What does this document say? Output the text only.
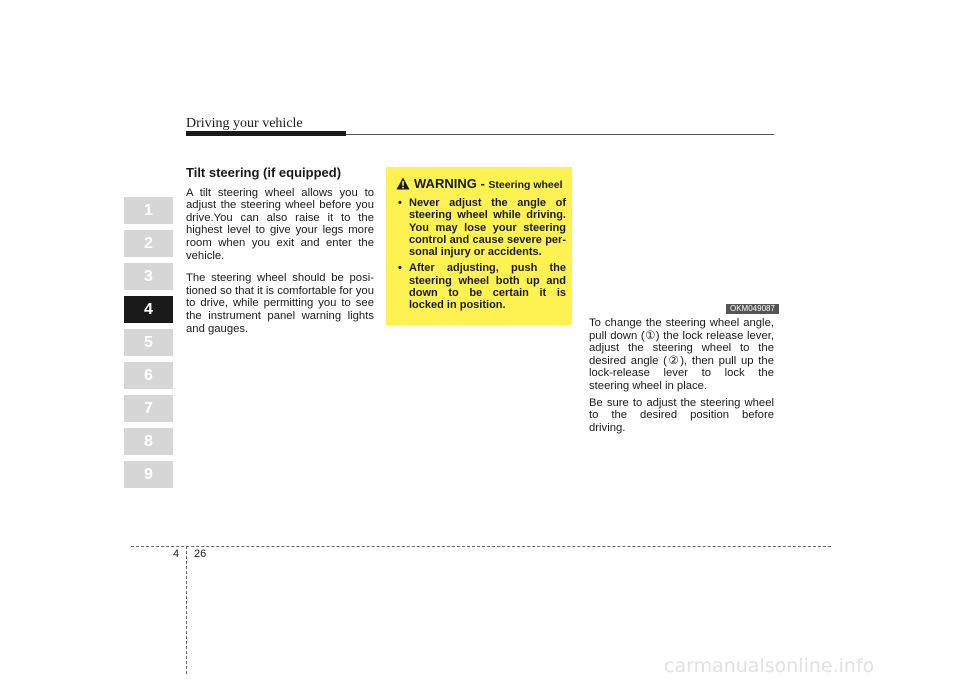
Driving your vehicle
1
2
3
4
5
6
7
8
9

Tilt steering (if equipped)

A tilt steering wheel allows you to adjust the steering wheel before you drive.You can also raise it to the highest level to give your legs more room when you exit and enter the vehicle.

The steering wheel should be posi-tioned so that it is comfortable for you to drive, while permitting you to see the instrument panel warning lights and gauges.

WARNING - Steering wheel
• Never adjust the angle of steering wheel while driving. You may lose your steering control and cause severe per-sonal injury or accidents.
• After adjusting, push the steering wheel both up and down to be certain it is locked in position.	OKM049087

To change the steering wheel angle, pull down (①) the lock release lever, adjust the steering wheel to the desired angle (②), then pull up the lock-release lever to lock the steering wheel in place.

Be sure to adjust the steering wheel to the desired position before driving.

4 26
carmanualsonline.info
